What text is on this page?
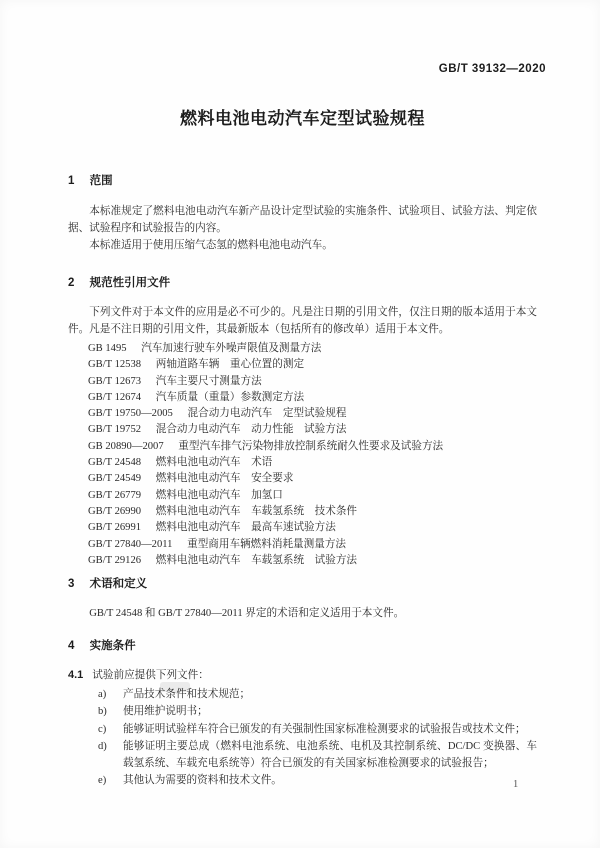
GB/T 39132—2020
燃料电池电动汽车定型试验规程
1 范围

本标准规定了燃料电池电动汽车新产品设计定型试验的实施条件、试验项目、试验方法、判定依据、试验程序和试验报告的内容。

本标准适用于使用压缩气态氢的燃料电池电动汽车。

2 规范性引用文件

下列文件对于本文件的应用是必不可少的。凡是注日期的引用文件，仅注日期的版本适用于本文件。凡是不注日期的引用文件，其最新版本（包括所有的修改单）适用于本文件。

GB 1495 汽车加速行驶车外噪声限值及测量方法
GB/T 12538 两轴道路车辆　重心位置的测定
GB/T 12673 汽车主要尺寸测量方法
GB/T 12674 汽车质量（重量）参数测定方法
GB/T 19750—2005 混合动力电动汽车　定型试验规程
GB/T 19752 混合动力电动汽车　动力性能　试验方法
GB 20890—2007 重型汽车排气污染物排放控制系统耐久性要求及试验方法
GB/T 24548 燃料电池电动汽车　术语
GB/T 24549 燃料电池电动汽车　安全要求
GB/T 26779 燃料电池电动汽车　加氢口
GB/T 26990 燃料电池电动汽车　车载氢系统　技术条件
GB/T 26991 燃料电池电动汽车　最高车速试验方法
GB/T 27840—2011 重型商用车辆燃料消耗量测量方法
GB/T 29126 燃料电池电动汽车　车载氢系统　试验方法
3 术语和定义

GB/T 24548 和 GB/T 27840—2011 界定的术语和定义适用于本文件。

4 实施条件
4.1 试验前应提供下列文件：
a) 产品技术条件和技术规范；
b) 使用维护说明书；
c) 能够证明试验样车符合已颁发的有关强制性国家标准检测要求的试验报告或技术文件；
d) 能够证明主要总成（燃料电池系统、电池系统、电机及其控制系统、DC/DC 变换器、车载氢系统、车载充电系统等）符合已颁发的有关国家标准检测要求的试验报告；
e) 其他认为需要的资料和技术文件。	1
